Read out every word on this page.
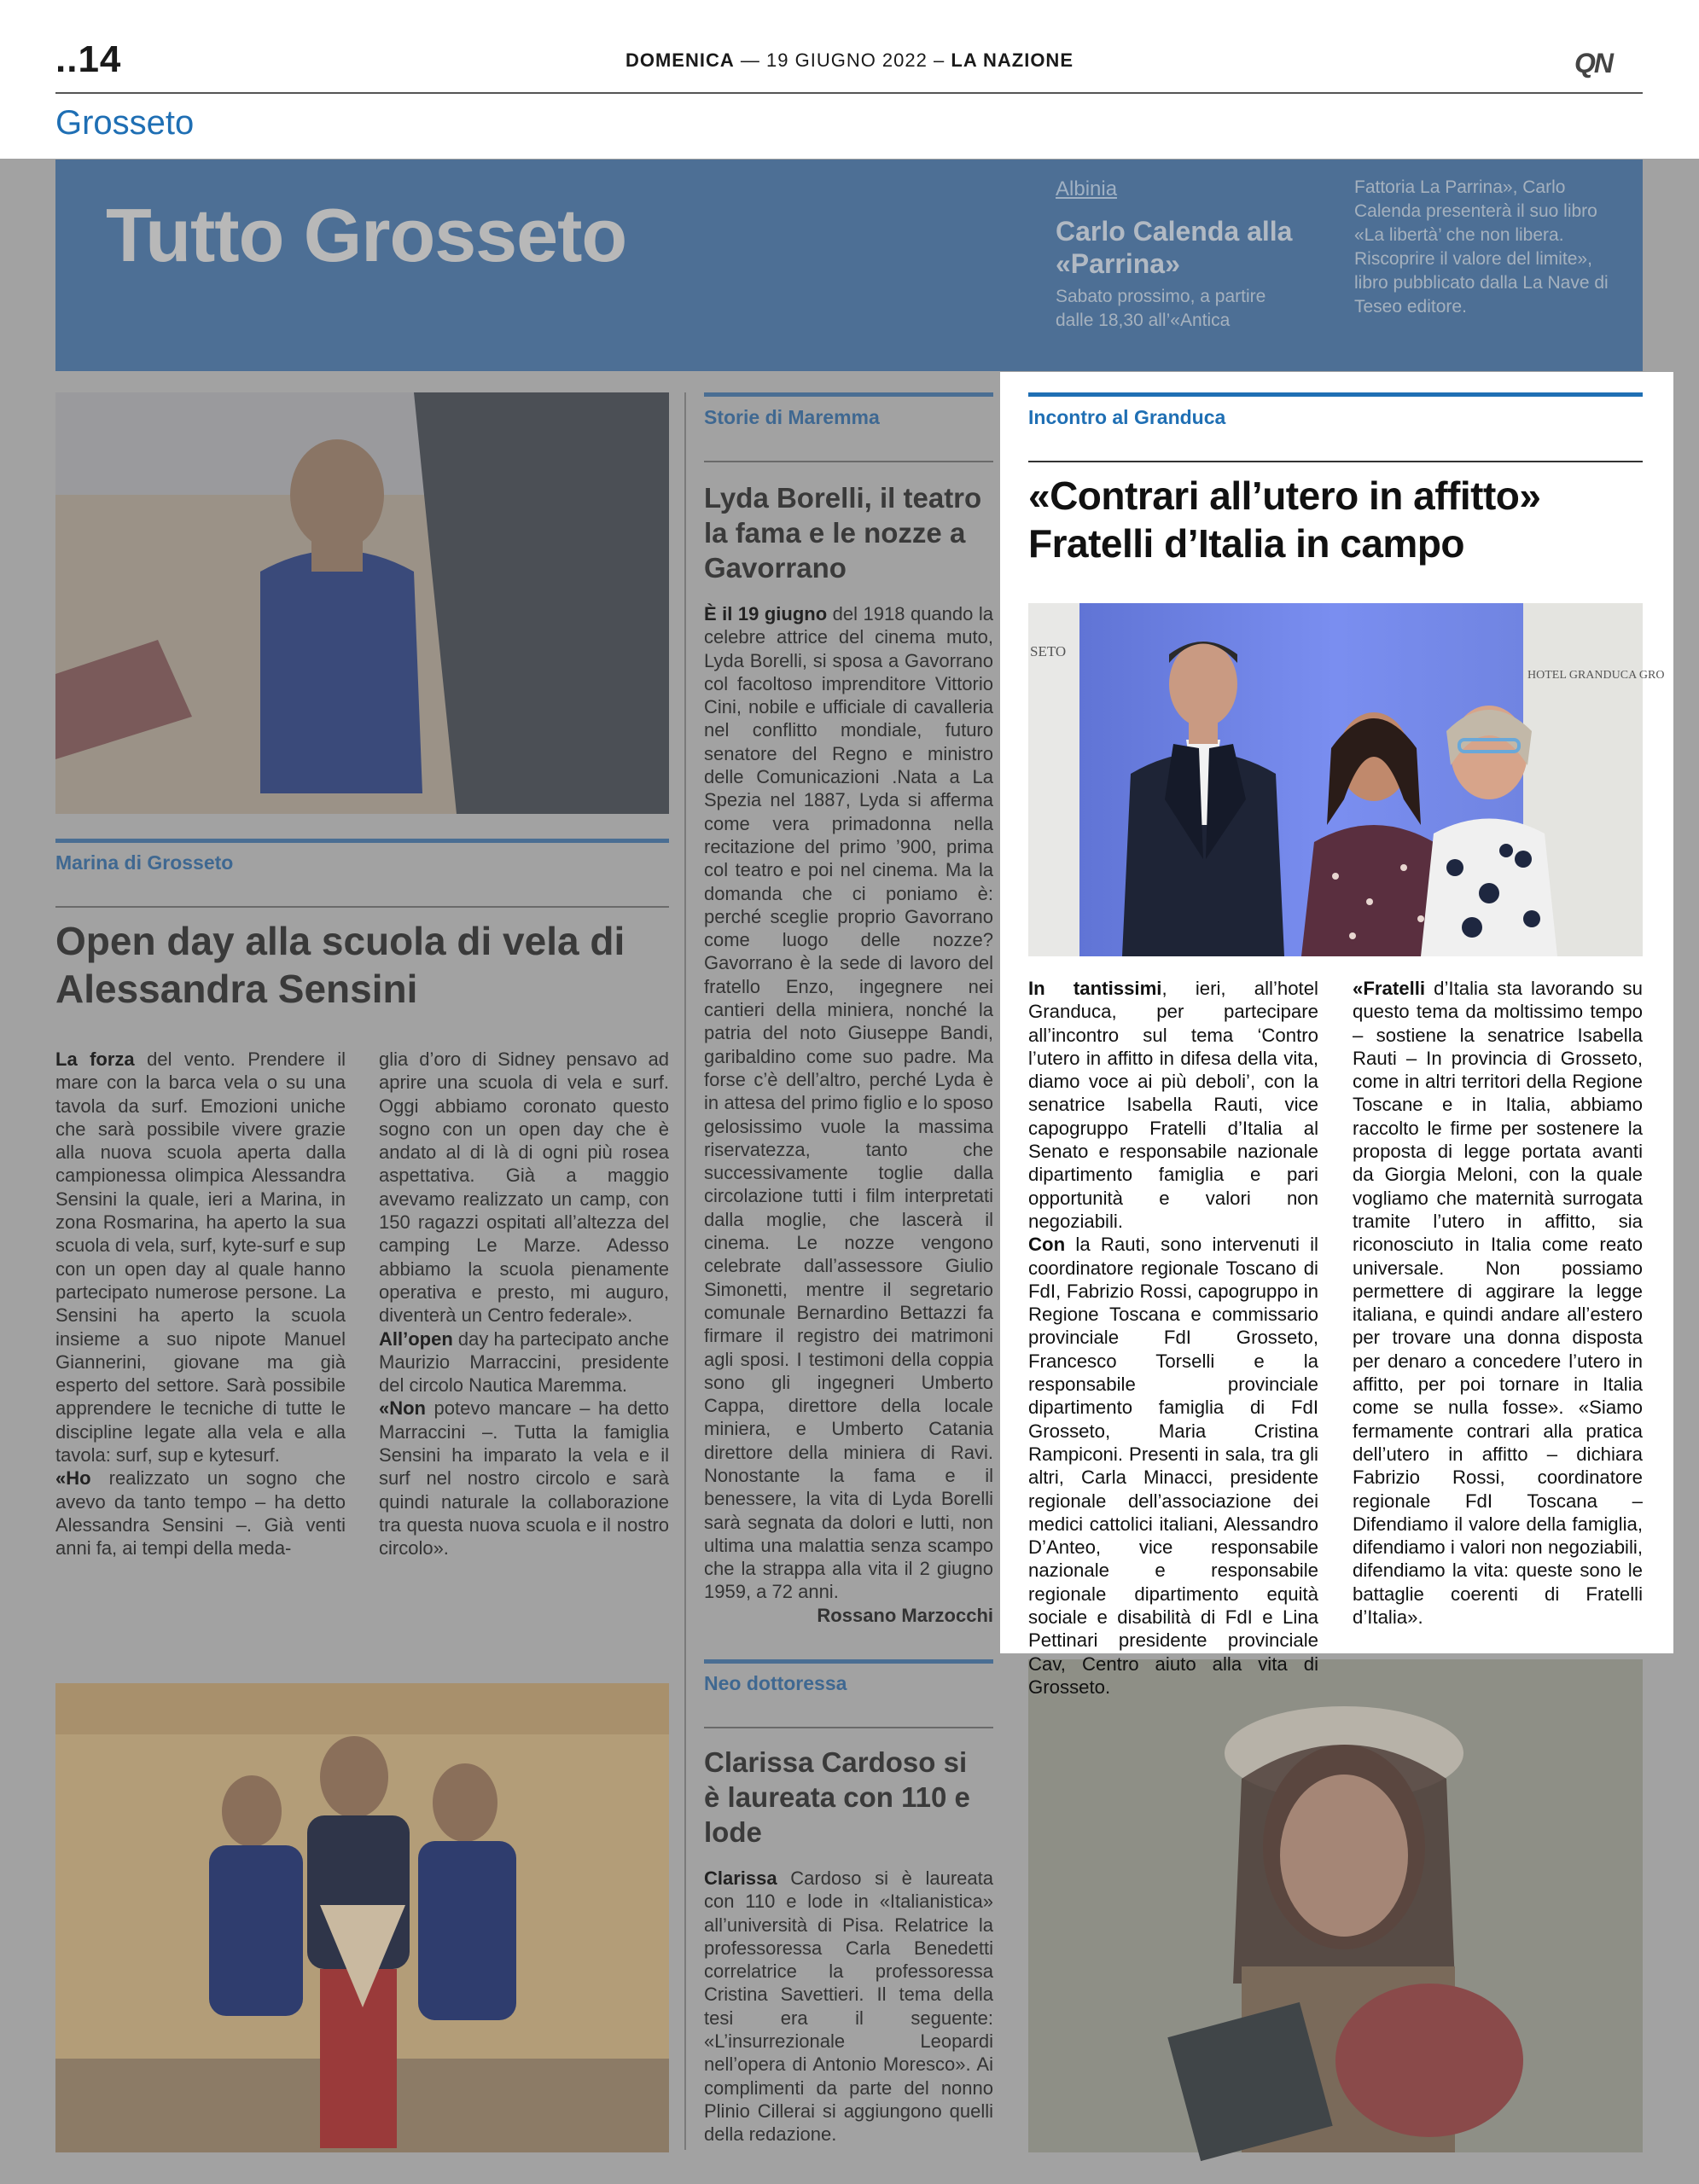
..14	DOMENICA — 19 GIUGNO 2022 – LA NAZIONE	QN
Grosseto
Tutto Grosseto
Albinia
Carlo Calenda alla «Parrina»
Sabato prossimo, a partire dalle 18,30 all’«Antica
Fattoria La Parrina», Carlo Calenda presenterà il suo libro «La libertà’ che non libera. Riscoprire il valore del limite», libro pubblicato dalla La Nave di Teseo editore.
Marina di Grosseto
Open day alla scuola di vela di Alessandra Sensini
La forza del vento. Prendere il mare con la barca vela o su una tavola da surf. Emozioni uniche che sarà possibile vivere grazie alla nuova scuola aperta dalla campionessa olimpica Alessandra Sensini la quale, ieri a Marina, in zona Rosmarina, ha aperto la sua scuola di vela, surf, kyte-surf e sup con un open day al quale hanno partecipato numerose persone. La Sensini ha aperto la scuola insieme a suo nipote Manuel Giannerini, giovane ma già esperto del settore. Sarà possibile apprendere le tecniche di tutte le discipline legate alla vela e alla tavola: surf, sup e kytesurf.
«Ho realizzato un sogno che avevo da tanto tempo – ha detto Alessandra Sensini –. Già venti anni fa, ai tempi della meda-
glia d’oro di Sidney pensavo ad aprire una scuola di vela e surf. Oggi abbiamo coronato questo sogno con un open day che è andato al di là di ogni più rosea aspettativa. Già a maggio avevamo realizzato un camp, con 150 ragazzi ospitati all’altezza del camping Le Marze. Adesso abbiamo la scuola pienamente operativa e presto, mi auguro, diventerà un Centro federale».
All’open day ha partecipato anche Maurizio Marraccini, presidente del circolo Nautica Maremma.
«Non potevo mancare – ha detto Marraccini –. Tutta la famiglia Sensini ha imparato la vela e il surf nel nostro circolo e sarà quindi naturale la collaborazione tra questa nuova scuola e il nostro circolo».
Storie di Maremma
Lyda Borelli, il teatro la fama e le nozze a Gavorrano
È il 19 giugno del 1918 quando la celebre attrice del cinema muto, Lyda Borelli, si sposa a Gavorrano col facoltoso imprenditore Vittorio Cini, nobile e ufficiale di cavalleria nel conflitto mondiale, futuro senatore del Regno e ministro delle Comunicazioni .Nata a La Spezia nel 1887, Lyda si afferma come vera primadonna nella recitazione del primo ’900, prima col teatro e poi nel cinema. Ma la domanda che ci poniamo è: perché sceglie proprio Gavorrano come luogo delle nozze? Gavorrano è la sede di lavoro del fratello Enzo, ingegnere nei cantieri della miniera, nonché la patria del noto Giuseppe Bandi, garibaldino come suo padre. Ma forse c’è dell’altro, perché Lyda è in attesa del primo figlio e lo sposo gelosissimo vuole la massima riservatezza, tanto che successivamente toglie dalla circolazione tutti i film interpretati dalla moglie, che lascerà il cinema. Le nozze vengono celebrate dall’assessore Giulio Simonetti, mentre il segretario comunale Bernardino Bettazzi fa firmare il registro dei matrimoni agli sposi. I testimoni della coppia sono gli ingegneri Umberto Cappa, direttore della locale miniera, e Umberto Catania direttore della miniera di Ravi. Nonostante la fama e il benessere, la vita di Lyda Borelli sarà segnata da dolori e lutti, non ultima una malattia senza scampo che la strappa alla vita il 2 giugno 1959, a 72 anni.
Rossano Marzocchi
Neo dottoressa
Clarissa Cardoso si è laureata con 110 e lode
Clarissa Cardoso si è laureata con 110 e lode in «Italianistica» all’università di Pisa. Relatrice la professoressa Carla Benedetti correlatrice la professoressa Cristina Savettieri. Il tema della tesi era il seguente: «L’insurrezionale Leopardi nell’opera di Antonio Moresco». Ai complimenti da parte del nonno Plinio Cillerai si aggiungono quelli della redazione.
Incontro al Granduca
«Contrari all’utero in affitto»
Fratelli d’Italia in campo
SETO
HOTEL GRANDUCA GRO
In tantissimi, ieri, all’hotel Granduca, per partecipare all’incontro sul tema ‘Contro l’utero in affitto in difesa della vita, diamo voce ai più deboli’, con la senatrice Isabella Rauti, vice capogruppo Fratelli d’Italia al Senato e responsabile nazionale dipartimento famiglia e pari opportunità e valori non negoziabili.
Con la Rauti, sono intervenuti il coordinatore regionale Toscano di FdI, Fabrizio Rossi, capogruppo in Regione Toscana e commissario provinciale FdI Grosseto, Francesco Torselli e la responsabile provinciale dipartimento famiglia di FdI Grosseto, Maria Cristina Rampiconi. Presenti in sala, tra gli altri, Carla Minacci, presidente regionale dell’associazione dei medici cattolici italiani, Alessandro D’Anteo, vice responsabile nazionale e responsabile regionale dipartimento equità sociale e disabilità di FdI e Lina Pettinari presidente provinciale Cav, Centro aiuto alla vita di Grosseto.
«Fratelli d’Italia sta lavorando su questo tema da moltissimo tempo – sostiene la senatrice Isabella Rauti – In provincia di Grosseto, come in altri territori della Regione Toscane e in Italia, abbiamo raccolto le firme per sostenere la proposta di legge portata avanti da Giorgia Meloni, con la quale vogliamo che maternità surrogata tramite l’utero in affitto, sia riconosciuto in Italia come reato universale. Non possiamo permettere di aggirare la legge italiana, e quindi andare all’estero per trovare una donna disposta per denaro a concedere l’utero in affitto, per poi tornare in Italia come se nulla fosse». «Siamo fermamente contrari alla pratica dell’utero in affitto – dichiara Fabrizio Rossi, coordinatore regionale FdI Toscana – Difendiamo il valore della famiglia, difendiamo i valori non negoziabili, difendiamo la vita: queste sono le battaglie coerenti di Fratelli d’Italia».
